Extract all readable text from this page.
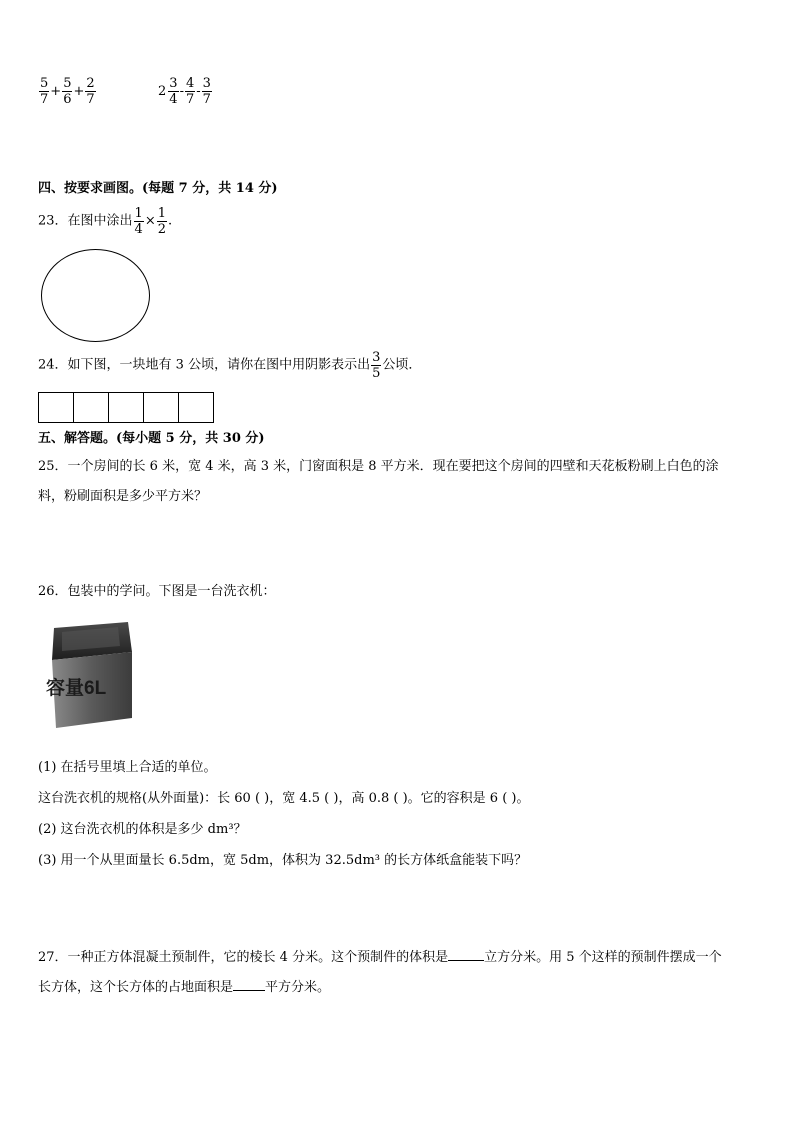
$\frac{5}{7} + \frac{5}{6} + \frac{2}{7}$	$2 \frac{3}{4} - \frac{4}{7} - \frac{3}{7}$
四、按要求画图。(每题 7 分，共 14 分)
23．在图中涂出 $\frac{1}{4} \times \frac{1}{2}$ .
24．如下图，一块地有 3 公顷，请你在图中用阴影表示出 $\frac{3}{5}$ 公顷．
五、解答题。(每小题 5 分，共 30 分)
25．一个房间的长 6 米，宽 4 米，高 3 米，门窗面积是 8 平方米．现在要把这个房间的四壁和天花板粉刷上白色的涂
料，粉刷面积是多少平方米？
26．包装中的学问。下图是一台洗衣机：
容量6L
(1) 在括号里填上合适的单位。
这台洗衣机的规格(从外面量)：长 60 ( )，宽 4.5 ( )，高 0.8 ( )。它的容积是 6 ( )。
(2) 这台洗衣机的体积是多少 dm³？
(3) 用一个从里面量长 6.5dm，宽 5dm，体积为 32.5dm³ 的长方体纸盒能装下吗？
27．一种正方体混凝土预制件，它的棱长 4 分米。这个预制件的体积是	立方分米。用 5 个这样的预制件摆成一个
长方体，这个长方体的占地面积是 平方分米。
